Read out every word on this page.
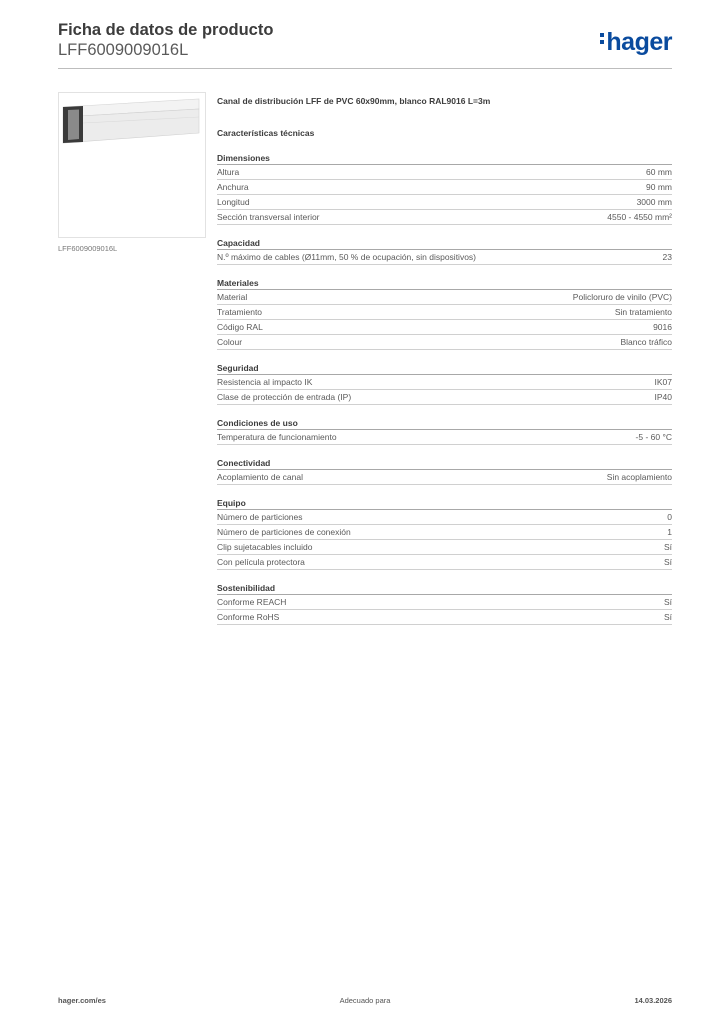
Ficha de datos de producto
LFF6009009016L	hager
LFF6009009016L
Canal de distribución LFF de PVC 60x90mm, blanco RAL9016 L=3m
Características técnicas
Dimensiones
Altura	60 mm
Anchura	90 mm
Longitud	3000 mm
Sección transversal interior	4550 - 4550 mm²
Capacidad
N.º máximo de cables (Ø11mm, 50 % de ocupación, sin dispositivos)	23
Materiales
Material	Policloruro de vinilo (PVC)
Tratamiento	Sin tratamiento
Código RAL	9016
Colour	Blanco tráfico
Seguridad
Resistencia al impacto IK	IK07
Clase de protección de entrada (IP)	IP40
Condiciones de uso
Temperatura de funcionamiento	-5 - 60 °C
Conectividad
Acoplamiento de canal	Sin acoplamiento
Equipo
Número de particiones	0
Número de particiones de conexión	1
Clip sujetacables incluido	Sí
Con película protectora	Sí
Sostenibilidad
Conforme REACH	Sí
Conforme RoHS	Sí
hager.com/es	Adecuado para	14.03.2026
